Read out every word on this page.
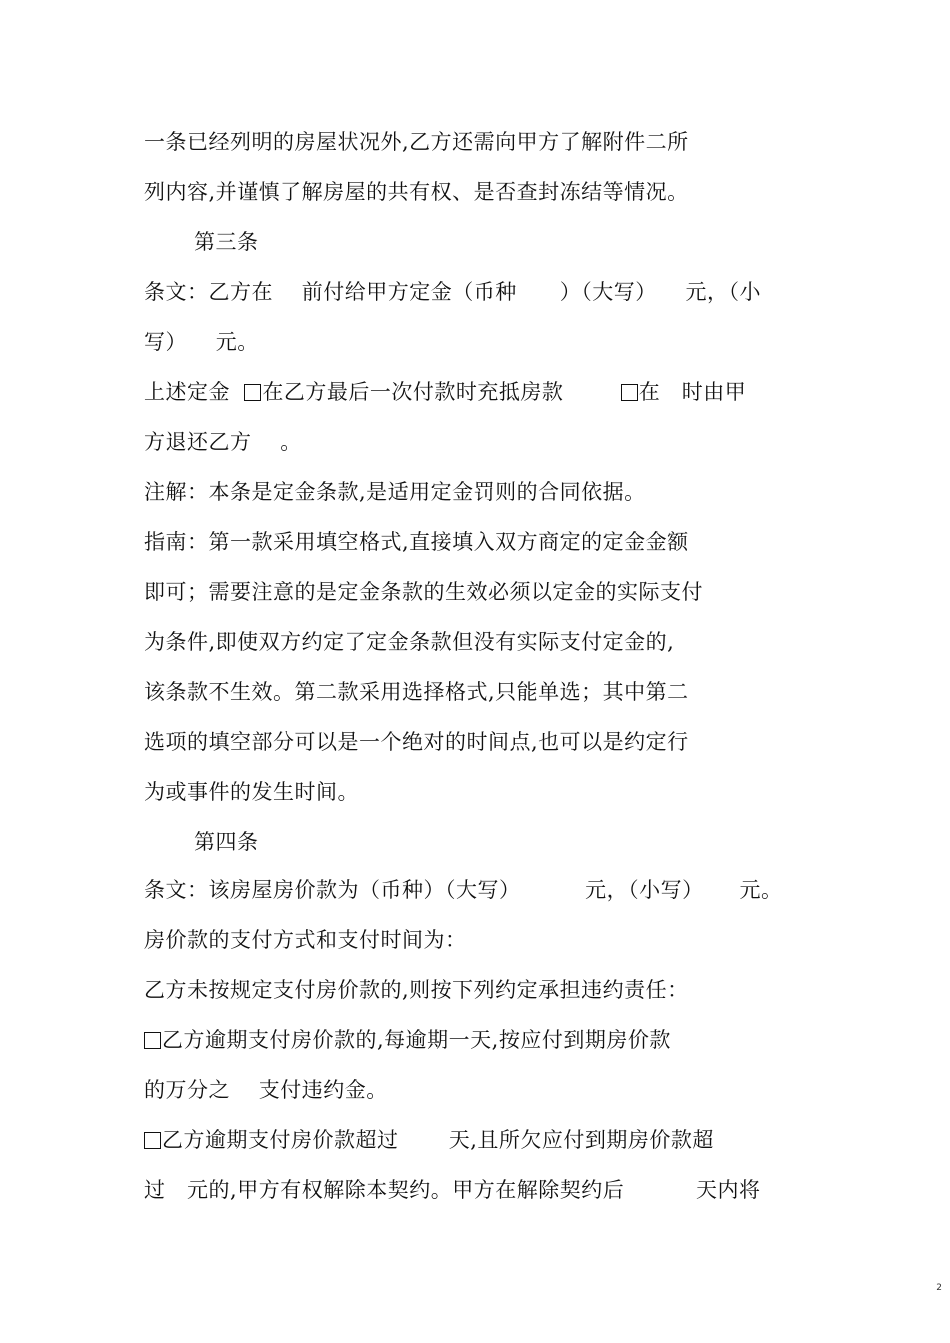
一条已经列明的房屋状况外,乙方还需向甲方了解附件二所
列内容,并谨慎了解房屋的共有权、是否查封冻结等情况。
第三条
条文：乙方在    前付给甲方定金（币种      ）（大写）    元，（小
写）    元。
上述定金  在乙方最后一次付款时充抵房款        在   时由甲
方退还乙方    。
注解：本条是定金条款,是适用定金罚则的合同依据。
指南：第一款采用填空格式,直接填入双方商定的定金金额
即可；需要注意的是定金条款的生效必须以定金的实际支付
为条件,即使双方约定了定金条款但没有实际支付定金的,
该条款不生效。第二款采用选择格式,只能单选；其中第二
选项的填空部分可以是一个绝对的时间点,也可以是约定行
为或事件的发生时间。
第四条
条文：该房屋房价款为（币种）（大写）         元，（小写）     元。
房价款的支付方式和支付时间为：
乙方未按规定支付房价款的,则按下列约定承担违约责任：
乙方逾期支付房价款的,每逾期一天,按应付到期房价款
的万分之    支付违约金。
乙方逾期支付房价款超过       天,且所欠应付到期房价款超
过   元的,甲方有权解除本契约。甲方在解除契约后          天内将
2
